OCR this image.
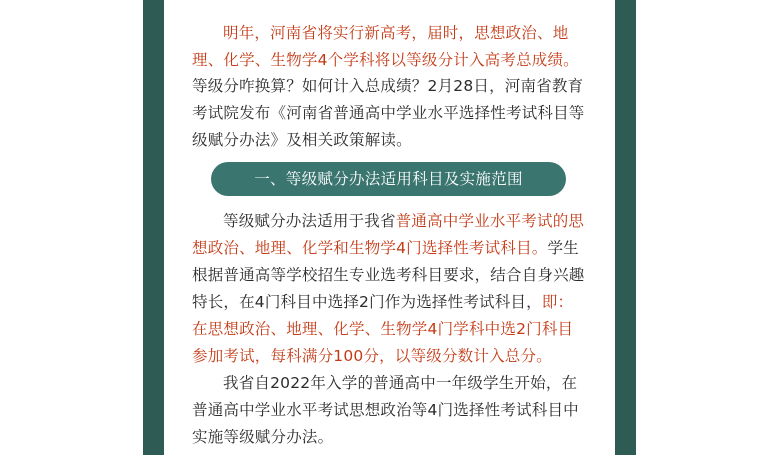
明年，河南省将实行新高考，届时，思想政治、地
理、化学、生物学4个学科将以等级分计入高考总成绩。
等级分咋换算？如何计入总成绩？2月28日，河南省教育
考试院发布《河南省普通高中学业水平选择性考试科目等
级赋分办法》及相关政策解读。
一、等级赋分办法适用科目及实施范围
等级赋分办法适用于我省普通高中学业水平考试的思
想政治、地理、化学和生物学4门选择性考试科目。学生
根据普通高等学校招生专业选考科目要求，结合自身兴趣
特长，在4门科目中选择2门作为选择性考试科目，即：
在思想政治、地理、化学、生物学4门学科中选2门科目
参加考试，每科满分100分，以等级分数计入总分。
我省自2022年入学的普通高中一年级学生开始，在
普通高中学业水平考试思想政治等4门选择性考试科目中
实施等级赋分办法。
